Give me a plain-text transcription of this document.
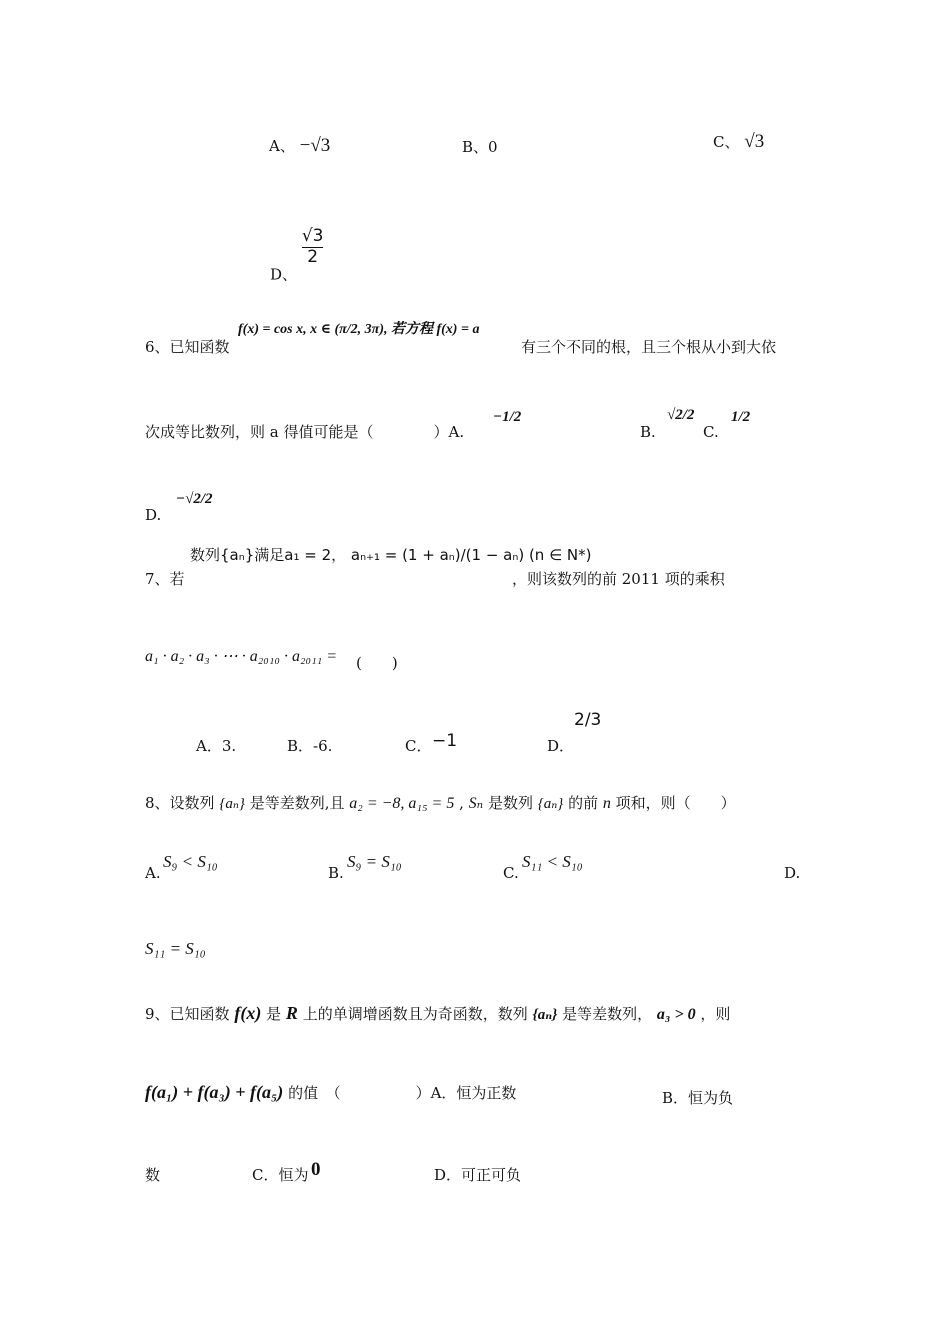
A、 −√3	B、0	C、 √3
D、
$\frac{√3}{2}$
6、已知函数
f(x) = cos x, x ∈ (π/2, 3π), 若方程 f(x) = a
有三个不同的根，且三个根从小到大依
次成等比数列，则 a 得值可能是（　　　　）A.
−1/2
B.
√2/2
C.
1/2
D.
−√2/2
数列{aₙ}满足a₁ = 2， aₙ₊₁ = (1 + aₙ)/(1 − aₙ) (n ∈ N*)
7、若	，则该数列的前 2011 项的乘积
a₁ · a₂ · a₃ · ⋯ · a₂₀₁₀ · a₂₀₁₁ = (　　)
A．3.	B．-6.	C． −1	D．
2/3
8、设数列 {aₙ} 是等差数列,且 a₂ = −8, a₁₅ = 5 , Sₙ 是数列 {aₙ} 的前 n 项和，则（　　）
A.
S₉ < S₁₀
B.
S₉ = S₁₀
C.
S₁₁ < S₁₀
D.
S₁₁ = S₁₀
9、已知函数 f(x) 是 R 上的单调增函数且为奇函数，数列 {aₙ} 是等差数列， a₃ > 0 ，则
f(a₁) + f(a₃) + f(a₅) 的值　（　　　　　）A．恒为正数	B．恒为负
数	C．恒为 0	D．可正可负
